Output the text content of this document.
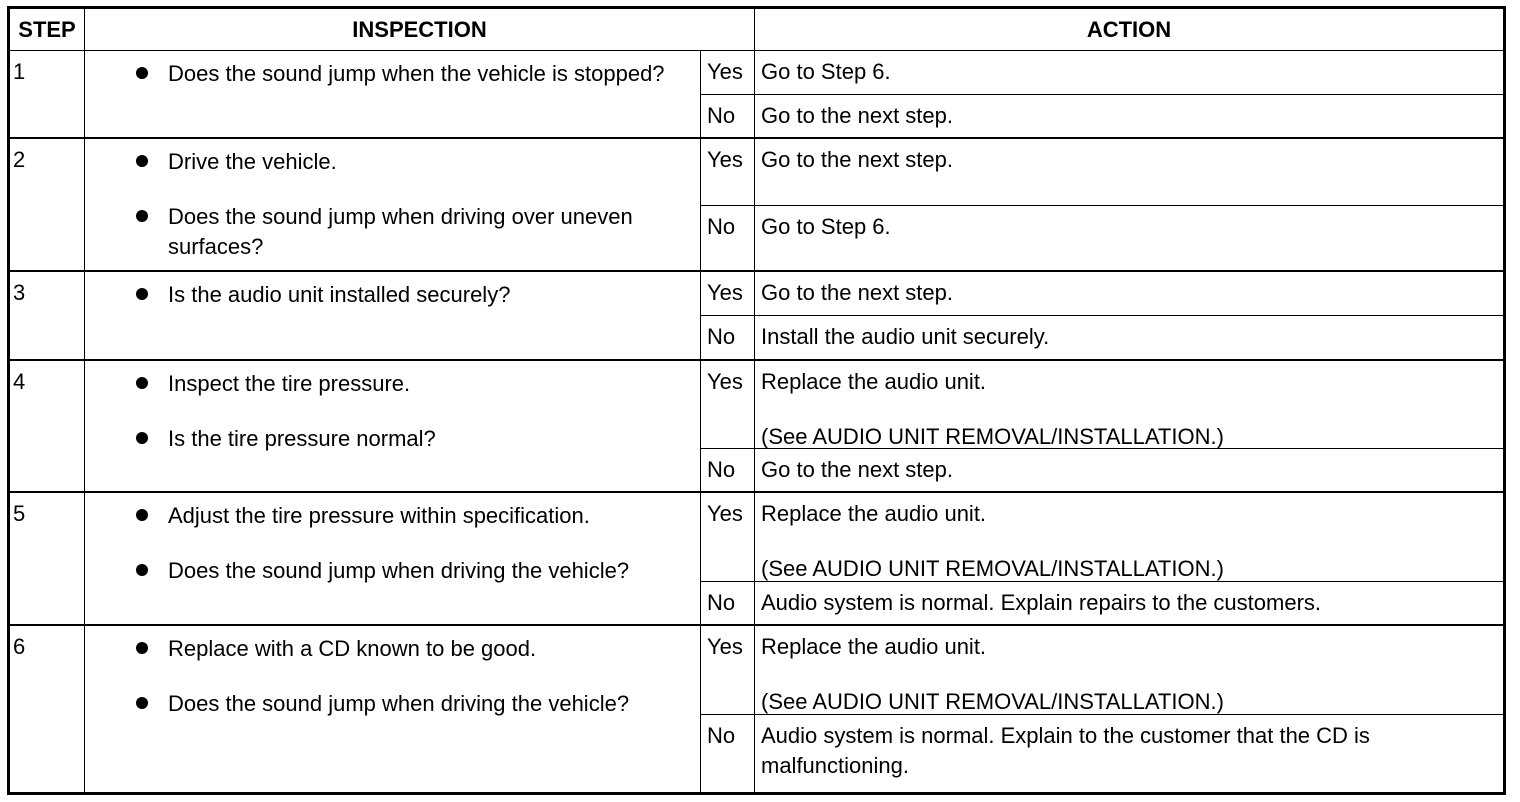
STEP	INSPECTION	ACTION
1	Does the sound jump when the vehicle is stopped?	Yes Go to Step 6.

No	Go to the next step.

2	Drive the vehicle.
Does the sound jump when driving over uneven surfaces?
Yes Go to the next step.

No	Go to Step 6.

3	Is the audio unit installed securely?	Yes Go to the next step.

No	Install the audio unit securely.

4	Inspect the tire pressure.
Is the tire pressure normal?
Yes Replace the audio unit.

(See AUDIO UNIT REMOVAL/INSTALLATION.)

No	Go to the next step.

5	Adjust the tire pressure within specification.
Does the sound jump when driving the vehicle?
Yes Replace the audio unit.

(See AUDIO UNIT REMOVAL/INSTALLATION.)

No	Audio system is normal. Explain repairs to the customers.

6	Replace with a CD known to be good.
Does the sound jump when driving the vehicle?
Yes Replace the audio unit.

(See AUDIO UNIT REMOVAL/INSTALLATION.)

No	Audio system is normal. Explain to the customer that the CD is malfunctioning.
